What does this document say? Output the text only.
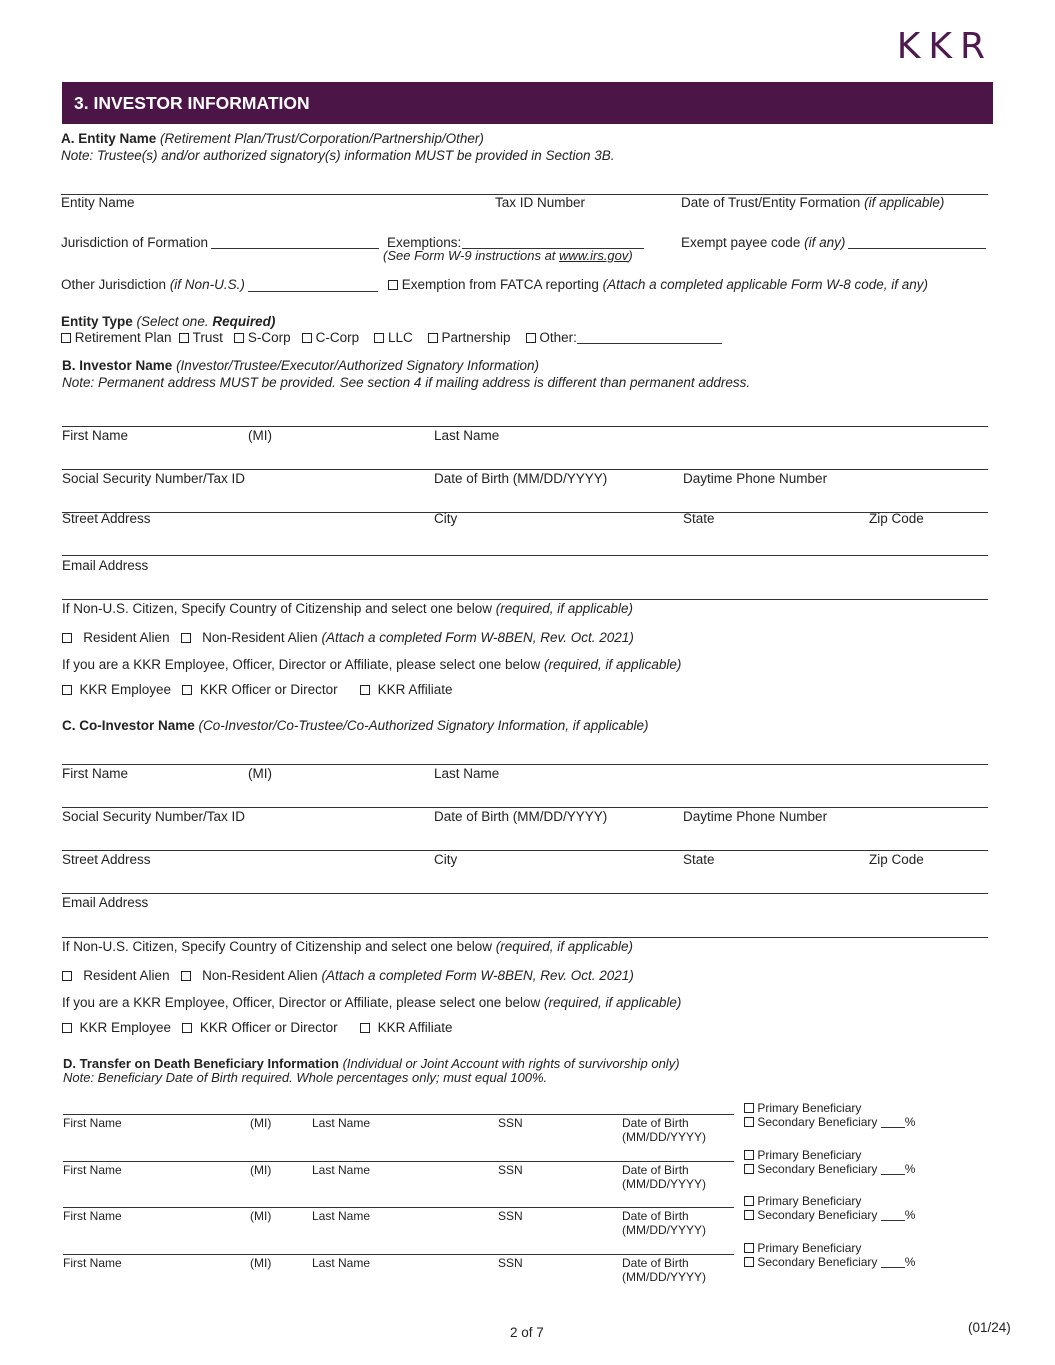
KKR
3. INVESTOR INFORMATION
A. Entity Name (Retirement Plan/Trust/Corporation/Partnership/Other)
Note: Trustee(s) and/or authorized signatory(s) information MUST be provided in Section 3B.
Entity Name	Tax ID Number	Date of Trust/Entity Formation (if applicable)
Jurisdiction of Formation	Exemptions:
(See Form W-9 instructions at www.irs.gov)
Exempt payee code (if any)
Other Jurisdiction (if Non-U.S.)	Exemption from FATCA reporting (Attach a completed applicable Form W-8 code, if any)
Entity Type (Select one. Required)
Retirement Plan Trust S-Corp C-Corp LLC Partnership Other:
B. Investor Name (Investor/Trustee/Executor/Authorized Signatory Information)
Note: Permanent address MUST be provided. See section 4 if mailing address is different than permanent address.
First Name	(MI)	Last Name
Social Security Number/Tax ID	Date of Birth (MM/DD/YYYY)	Daytime Phone Number
Street Address	City	State	Zip Code
Email Address
If Non-U.S. Citizen, Specify Country of Citizenship and select one below (required, if applicable)
Resident Alien Non-Resident Alien (Attach a completed Form W-8BEN, Rev. Oct. 2021)
If you are a KKR Employee, Officer, Director or Affiliate, please select one below (required, if applicable)
KKR Employee KKR Officer or Director	KKR Affiliate
C. Co-Investor Name (Co-Investor/Co-Trustee/Co-Authorized Signatory Information, if applicable)
First Name	(MI)	Last Name
Social Security Number/Tax ID	Date of Birth (MM/DD/YYYY)	Daytime Phone Number
Street Address	City	State	Zip Code
Email Address
If Non-U.S. Citizen, Specify Country of Citizenship and select one below (required, if applicable)
Resident Alien Non-Resident Alien (Attach a completed Form W-8BEN, Rev. Oct. 2021)
If you are a KKR Employee, Officer, Director or Affiliate, please select one below (required, if applicable)
KKR Employee KKR Officer or Director	KKR Affiliate
D. Transfer on Death Beneficiary Information (Individual or Joint Account with rights of survivorship only)
Note: Beneficiary Date of Birth required. Whole percentages only; must equal 100%.
First Name	(MI)	Last Name	SSN	Date of Birth
(MM/DD/YYYY)
Primary Beneficiary
Secondary Beneficiary %
First Name	(MI)	Last Name	SSN	Date of Birth
(MM/DD/YYYY)
Primary Beneficiary
Secondary Beneficiary %
First Name	(MI)	Last Name	SSN	Date of Birth
(MM/DD/YYYY)
Primary Beneficiary
Secondary Beneficiary %
First Name	(MI)	Last Name	SSN	Date of Birth
(MM/DD/YYYY)
Primary Beneficiary
Secondary Beneficiary %
2 of 7	(01/24)
